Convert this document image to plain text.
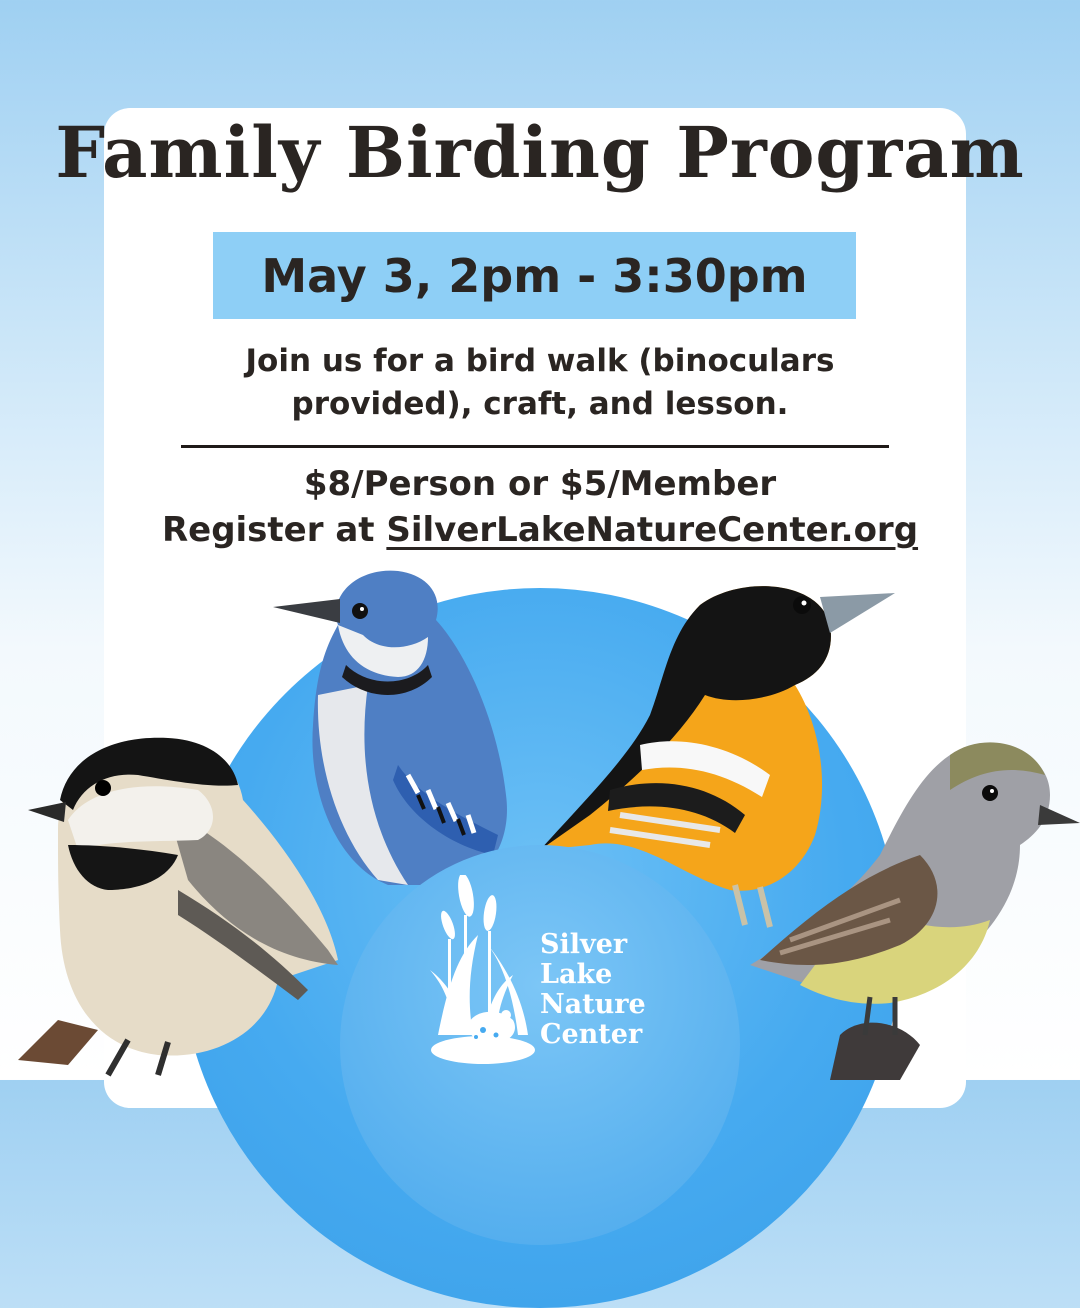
Family Birding Program
May 3, 2pm - 3:30pm
Join us for a bird walk (binoculars provided), craft, and lesson.
$8/Person or $5/Member
Register at SilverLakeNatureCenter.org
Silver
Lake
Nature
Center
